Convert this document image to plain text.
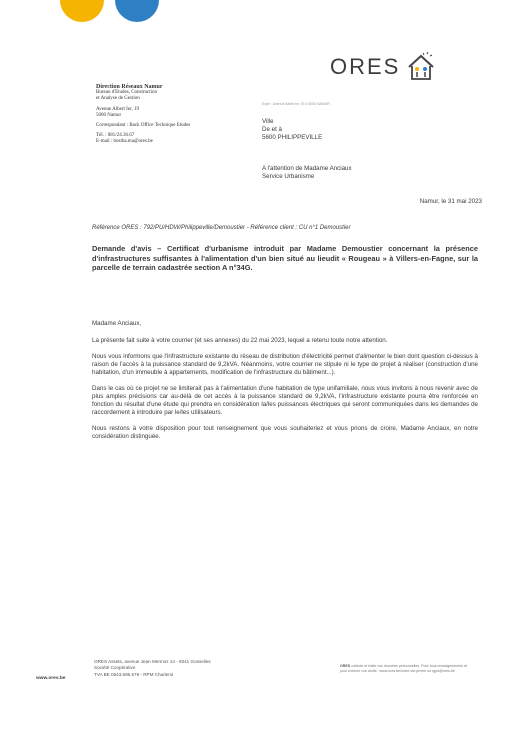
Direction Réseaux Namur
Bureau d'Etudes, Construction
et Analyse de Gestion
Avenue Albert Ier, 19
5000 Namur
Correspondant : Back Office Technique Etudes
Tél. : 081/24.36.67
E-mail : bostba.ma@ores.be
ORES
Expé : Avenue Albert Ier 19 à 5000 NAMUR
Ville
De et à
5600 PHILIPPEVILLE
A l'attention de Madame Anciaux
Service Urbanisme
Namur, le 31 mai 2023
Référence ORES : 792/PU/HDW/Philippeville/Demoustier - Référence client : CU n°1 Demoustier
Demande d'avis – Certificat d'urbanisme introduit par Madame Demoustier concernant la présence d'infrastructures suffisantes à l'alimentation d'un bien situé au lieudit « Rougeau » à Villers-en-Fagne, sur la parcelle de terrain cadastrée section A n°34G.
Madame Anciaux,

La présente fait suite à votre courrier (et ses annexes) du 22 mai 2023, lequel a retenu toute notre attention.

Nous vous informons que l'infrastructure existante du réseau de distribution d'électricité permet d'alimenter le bien dont question ci-dessus à raison de l'accès à la puissance standard de 9,2kVA. Néanmoins, votre courrier ne stipule ni le type de projet à réaliser (construction d'une habitation, d'un immeuble à appartements, modification de l'infrastructure du bâtiment...).

Dans le cas où ce projet ne se limiterait pas à l'alimentation d'une habitation de type unifamiliale, nous vous invitons à nous revenir avec de plus amples précisions car au-delà de cet accès à la puissance standard de 9,2kVA, l'infrastructure existante pourra être renforcée en fonction du résultat d'une étude qui prendra en considération la/les puissances électriques qui seront communiquées dans les demandes de raccordement à introduire par le/les utilisateurs.

Nous restons à votre disposition pour tout renseignement que vous souhaiteriez et vous prions de croire, Madame Anciaux, en notre considération distinguée.

www.ores.be
ORES Assets, avenue Jean Mermoz 14 - 6041 Gosselies
Société Coopérative
TVA BE 0543.696.579 - RPM Charleroi
ORES collecte et traite vos données personnelles. Pour tous renseignements et pour exercer vos droits : www.ores.be/notre-vie-privee ou rgpd@ores.be
